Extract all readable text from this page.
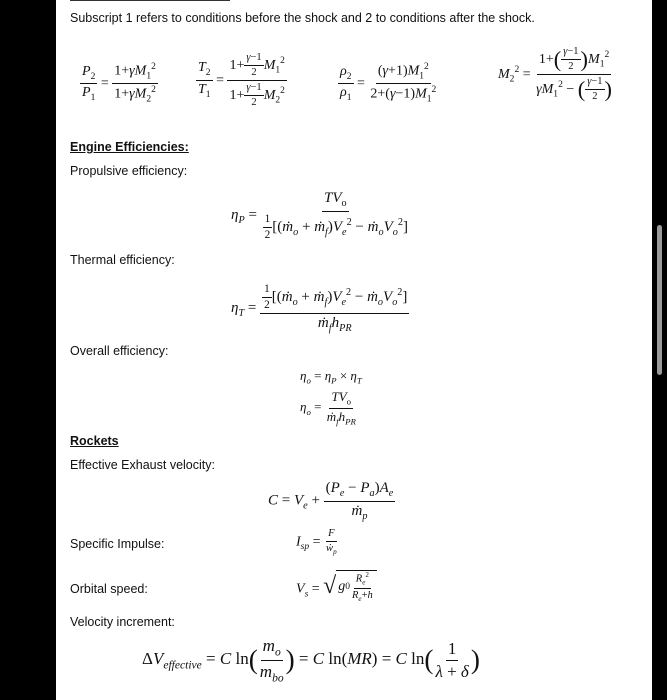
Subscript 1 refers to conditions before the shock and 2 to conditions after the shock.
$\frac{P_2}{P_1} = \frac{1+\gamma M_1^2}{1+\gamma M_2^2}$	$\frac{T_2}{T_1} = \frac{1+ \frac{\gamma-1}{2} M_1^2}{1+ \frac{\gamma-1}{2} M_2^2}$	$\frac{\rho_2}{\rho_1} = \frac{(\gamma+1)M_1^2}{2+(\gamma-1)M_1^2}$	$M_2^2 = \frac{1+( \frac{\gamma-1}{2} )M_1^2}{\gamma M_1^2 - ( \frac{\gamma-1}{2} )}$
Engine Efficiencies:
Propulsive efficiency:
$\eta_P$ =
$TV_o$
$\frac{1}{2}$ [(ṁ$_o$ + $ṁ_f)V_e^2$ − $ṁ_oV_o^2$]
Thermal efficiency:
$\eta_T = \frac{1}{2}$ [(ṁ$_o$ + $ṁ_f)V_e^2$ − $ṁ_oV_o^2$]
$ṁ_fh_{PR}$
Overall efficiency:
$\eta_o = \eta_P \times \eta_T$
$\eta_o$ =
$TV_o$
$ṁ_fh_{PR}$
Rockets
Effective Exhaust velocity:
$C = V_e + \frac{(P_e - P_a)A_e}{ṁ_p}$
Specific Impulse:	$I_{sp} = \frac{F}{ẇ_p}$
Orbital speed:	$V_s$ = √ g 0
$R_e^2$
$R_e+h$
Velocity increment:
$\Delta V_{effective} = C$ ln( $m_o$
$m_{bo}$
) = C ln(MR) = C $\ln( \frac{1}{\lambda + \delta}$ )
